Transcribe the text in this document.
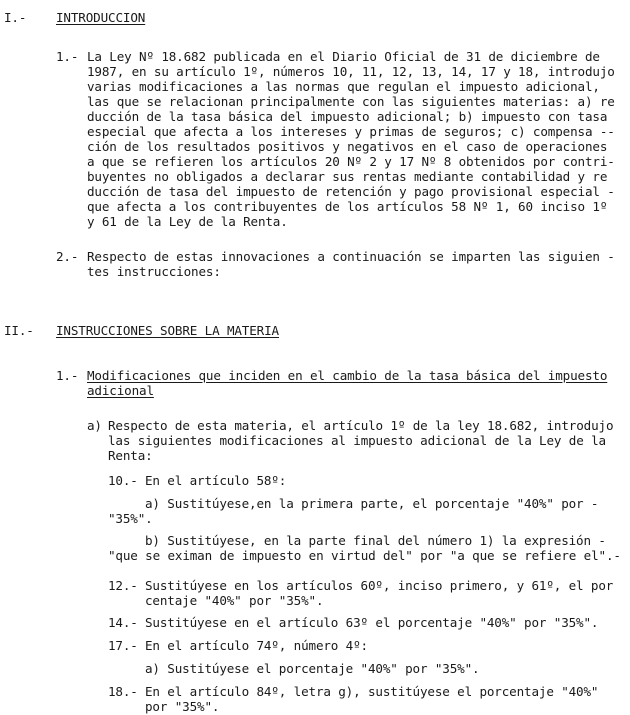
I.- INTRODUCCION
1.- La Ley Nº 18.682 publicada en el Diario Oficial de 31 de diciembre de
1987, en su artículo 1º, números 10, 11, 12, 13, 14, 17 y 18, introdujo
varias modificaciones a las normas que regulan el impuesto adicional,
las que se relacionan principalmente con las siguientes materias: a) re
ducción de la tasa básica del impuesto adicional; b) impuesto con tasa
especial que afecta a los intereses y primas de seguros; c) compensa --
ción de los resultados positivos y negativos en el caso de operaciones
a que se refieren los artículos 20 Nº 2 y 17 Nº 8 obtenidos por contri-
buyentes no obligados a declarar sus rentas mediante contabilidad y re
ducción de tasa del impuesto de retención y pago provisional especial -
que afecta a los contribuyentes de los artículos 58 Nº 1, 60 inciso 1º
y 61 de la Ley de la Renta.
2.- Respecto de estas innovaciones a continuación se imparten las siguien -
tes instrucciones:
II.- INSTRUCCIONES SOBRE LA MATERIA
1.- Modificaciones que inciden en el cambio de la tasa básica del impuesto
adicional
a) Respecto de esta materia, el artículo 1º de la ley 18.682, introdujo
las siguientes modificaciones al impuesto adicional de la Ley de la
Renta:
10.- En el artículo 58º:
a) Sustitúyese,en la primera parte, el porcentaje "40%" por -
"35%".
b) Sustitúyese, en la parte final del número 1) la expresión -
"que se eximan de impuesto en virtud del" por "a que se refiere el".-
12.- Sustitúyese en los artículos 60º, inciso primero, y 61º, el por
centaje "40%" por "35%".
14.- Sustitúyese en el artículo 63º el porcentaje "40%" por "35%".
17.- En el artículo 74º, número 4º:
a) Sustitúyese el porcentaje "40%" por "35%".
18.- En el artículo 84º, letra g), sustitúyese el porcentaje "40%"
por "35%".
